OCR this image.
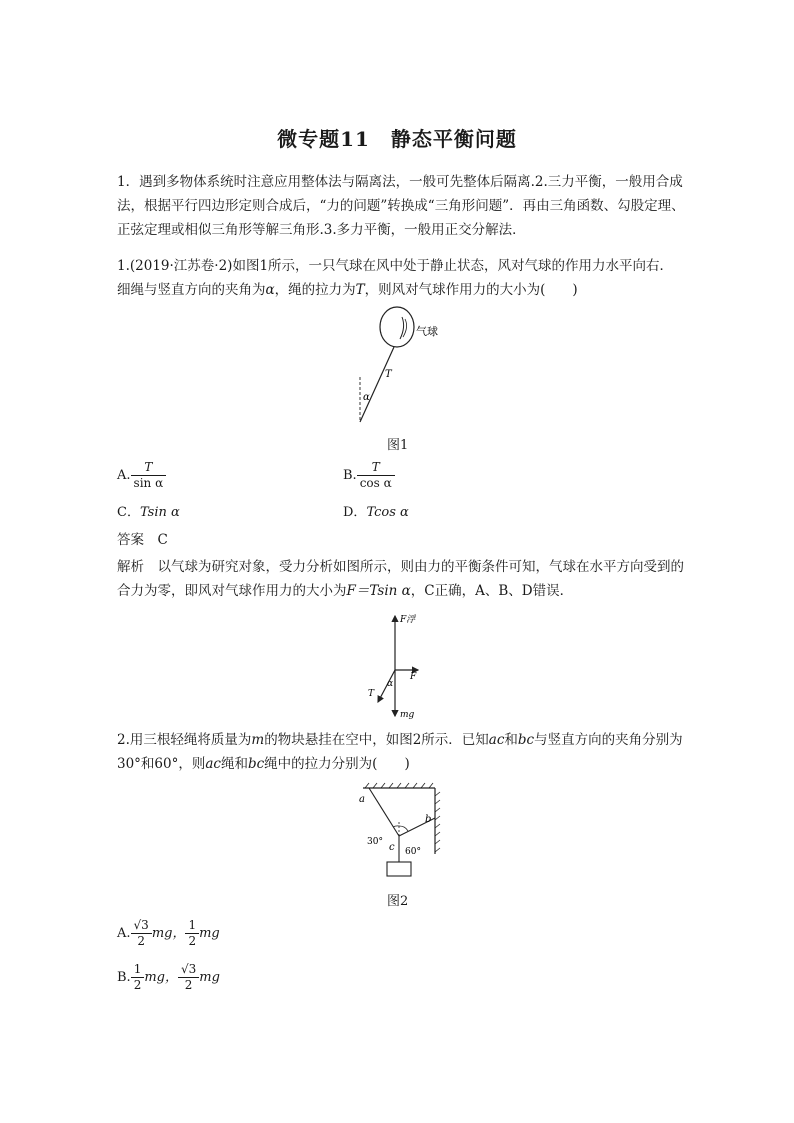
微专题11　静态平衡问题

1．遇到多物体系统时注意应用整体法与隔离法，一般可先整体后隔离.2.三力平衡，一般用合成法，根据平行四边形定则合成后，“力的问题”转换成“三角形问题”．再由三角函数、勾股定理、正弦定理或相似三角形等解三角形.3.多力平衡，一般用正交分解法．

1.(2019·江苏卷·2)如图1所示，一只气球在风中处于静止状态，风对气球的作用力水平向右．细绳与竖直方向的夹角为α，绳的拉力为T，则风对气球作用力的大小为(　　)

气球
T
α
图1
A. $\frac{T}{\text{sin α}}$	B. $\frac{T}{\text{cos α}}$
C．Tsin α	D．Tcos α
答案　 C

解析　 以气球为研究对象，受力分析如图所示，则由力的平衡条件可知，气球在水平方向受到的合力为零，即风对气球作用力的大小为F＝Tsin α，C正确，A、B、D错误．

F浮
F
T
α
mg

2.用三根轻绳将质量为m的物块悬挂在空中，如图2所示．已知ac和bc与竖直方向的夹角分别为30°和60°，则ac绳和bc绳中的拉力分别为(　　)

a
b
c
30°
60°
图2
A. $\frac{√3}{2}$ mg， $\frac{1}{2}$ mg
B. $\frac{1}{2}$ mg， $\frac{√3}{2}$ mg
